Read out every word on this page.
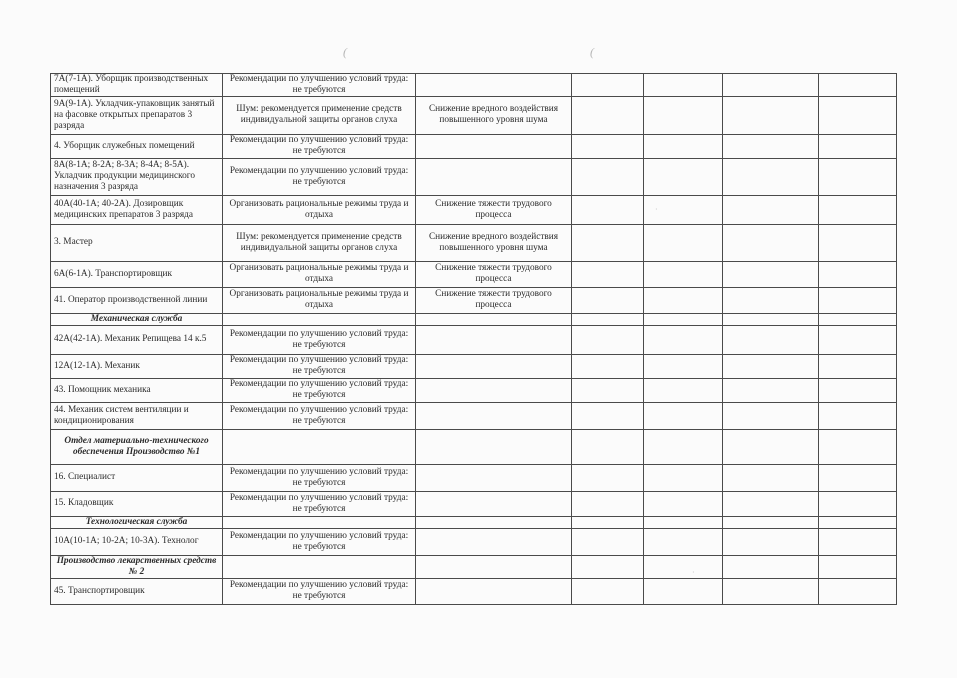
(	(
7А(7-1А). Уборщик производственных помещений	Рекомендации по улучшению условий труда: не требуются					
9А(9-1А). Укладчик-упаковщик занятый на фасовке открытых препаратов 3 разряда	Шум: рекомендуется применение средств индивидуальной защиты органов слуха	Снижение вредного воздействия повышенного уровня шума				
4. Уборщик служебных помещений	Рекомендации по улучшению условий труда: не требуются					
8А(8-1А; 8-2А; 8-3А; 8-4А; 8-5А). Укладчик продукции медицинского назначения 3 разряда	Рекомендации по улучшению условий труда: не требуются					
40А(40-1А; 40-2А). Дозировщик медицинских препаратов 3 разряда	Организовать рациональные режимы труда и отдыха	Снижение тяжести трудового процесса				
3. Мастер	Шум: рекомендуется применение средств индивидуальной защиты органов слуха	Снижение вредного воздействия повышенного уровня шума				
6А(6-1А). Транспортировщик	Организовать рациональные режимы труда и отдыха	Снижение тяжести трудового процесса				
41. Оператор производственной линии	Организовать рациональные режимы труда и отдыха	Снижение тяжести трудового процесса				
Механическая служба						
42А(42-1А). Механик Репищева 14 к.5	Рекомендации по улучшению условий труда: не требуются					
12А(12-1А). Механик	Рекомендации по улучшению условий труда: не требуются					
43. Помощник механика	Рекомендации по улучшению условий труда: не требуются					
44. Механик систем вентиляции и кондиционирования	Рекомендации по улучшению условий труда: не требуются					
Отдел материально-технического обеспечения Производство №1						
16. Специалист	Рекомендации по улучшению условий труда: не требуются					
15. Кладовщик	Рекомендации по улучшению условий труда: не требуются					
Технологическая служба						
10А(10-1А; 10-2А; 10-3А). Технолог	Рекомендации по улучшению условий труда: не требуются					
Производство лекарственных средств № 2						
45. Транспортировщик	Рекомендации по улучшению условий труда: не требуются					
·
·
